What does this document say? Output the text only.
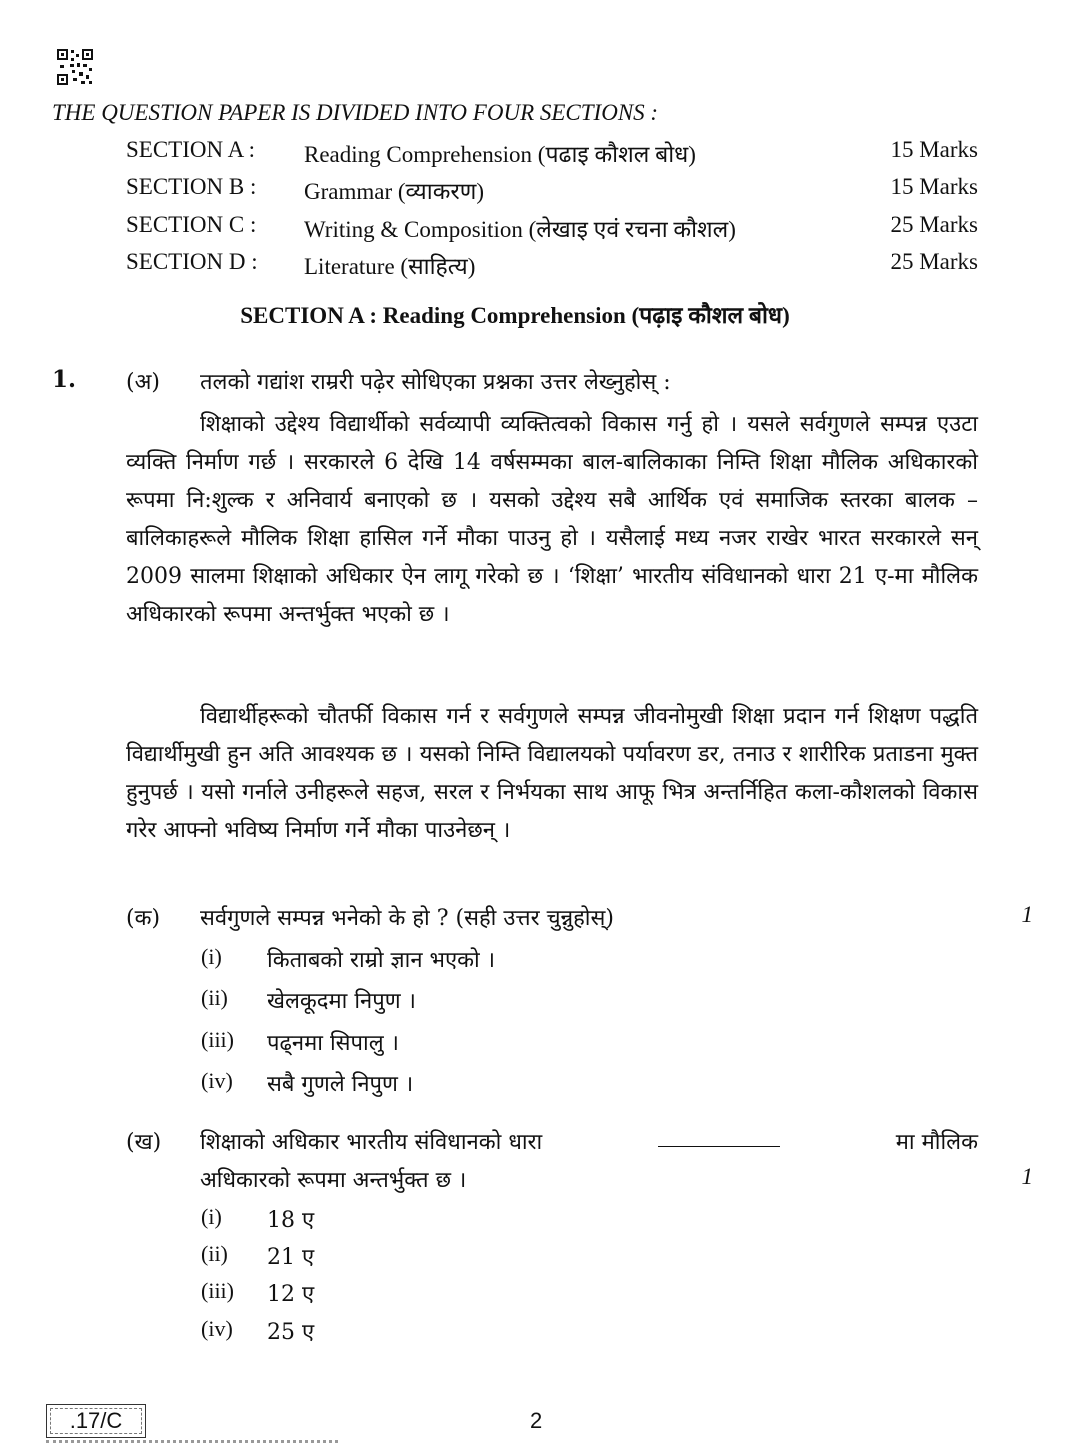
THE QUESTION PAPER IS DIVIDED INTO FOUR SECTIONS :
SECTION A : Reading Comprehension (पढाइ कौशल बोध)	15 Marks
SECTION B : Grammar (व्याकरण)	15 Marks
SECTION C : Writing & Composition (लेखाइ एवं रचना कौशल)	25 Marks
SECTION D : Literature (साहित्य)	25 Marks
SECTION A : Reading Comprehension (पढ़ाइ कौशल बोध)
1. (अ) तलको गद्यांश राम्ररी पढ़ेर सोधिएका प्रश्नका उत्तर लेख्नुहोस् :
शिक्षाको उद्देश्य विद्यार्थीको सर्वव्यापी व्यक्तित्वको विकास गर्नु हो । यसले सर्वगुणले सम्पन्न एउटा व्यक्ति निर्माण गर्छ । सरकारले 6 देखि 14 वर्षसम्मका बाल-बालिकाका निम्ति शिक्षा मौलिक अधिकारको रूपमा नि:शुल्क र अनिवार्य बनाएको छ । यसको उद्देश्य सबै आर्थिक एवं समाजिक स्तरका बालक – बालिकाहरूले मौलिक शिक्षा हासिल गर्ने मौका पाउनु हो । यसैलाई मध्य नजर राखेर भारत सरकारले सन् 2009 सालमा शिक्षाको अधिकार ऐन लागू गरेको छ । ‘शिक्षा’ भारतीय संविधानको धारा 21 ए-मा मौलिक अधिकारको रूपमा अन्तर्भुक्त भएको छ ।
विद्यार्थीहरूको चौतर्फी विकास गर्न र सर्वगुणले सम्पन्न जीवनोमुखी शिक्षा प्रदान गर्न शिक्षण पद्धति विद्यार्थीमुखी हुन अति आवश्यक छ । यसको निम्ति विद्यालयको पर्यावरण डर, तनाउ र शारीरिक प्रताडना मुक्त हुनुपर्छ । यसो गर्नाले उनीहरूले सहज, सरल र निर्भयका साथ आफू भित्र अन्तर्निहित कला-कौशलको विकास गरेर आफ्नो भविष्य निर्माण गर्ने मौका पाउनेछन् ।
(क) सर्वगुणले सम्पन्न भनेको के हो ? (सही उत्तर चुन्नुहोस्)	1
(i) किताबको राम्रो ज्ञान भएको ।
(ii) खेलकूदमा निपुण ।
(iii) पढ्नमा सिपालु ।
(iv) सबै गुणले निपुण ।
(ख) शिक्षाको अधिकार भारतीय संविधानको धारा	मा मौलिक
अधिकारको रूपमा अन्तर्भुक्त छ ।	1
(i) 18 ए
(ii) 21 ए
(iii) 12 ए
(iv) 25 ए
.17/C	2
